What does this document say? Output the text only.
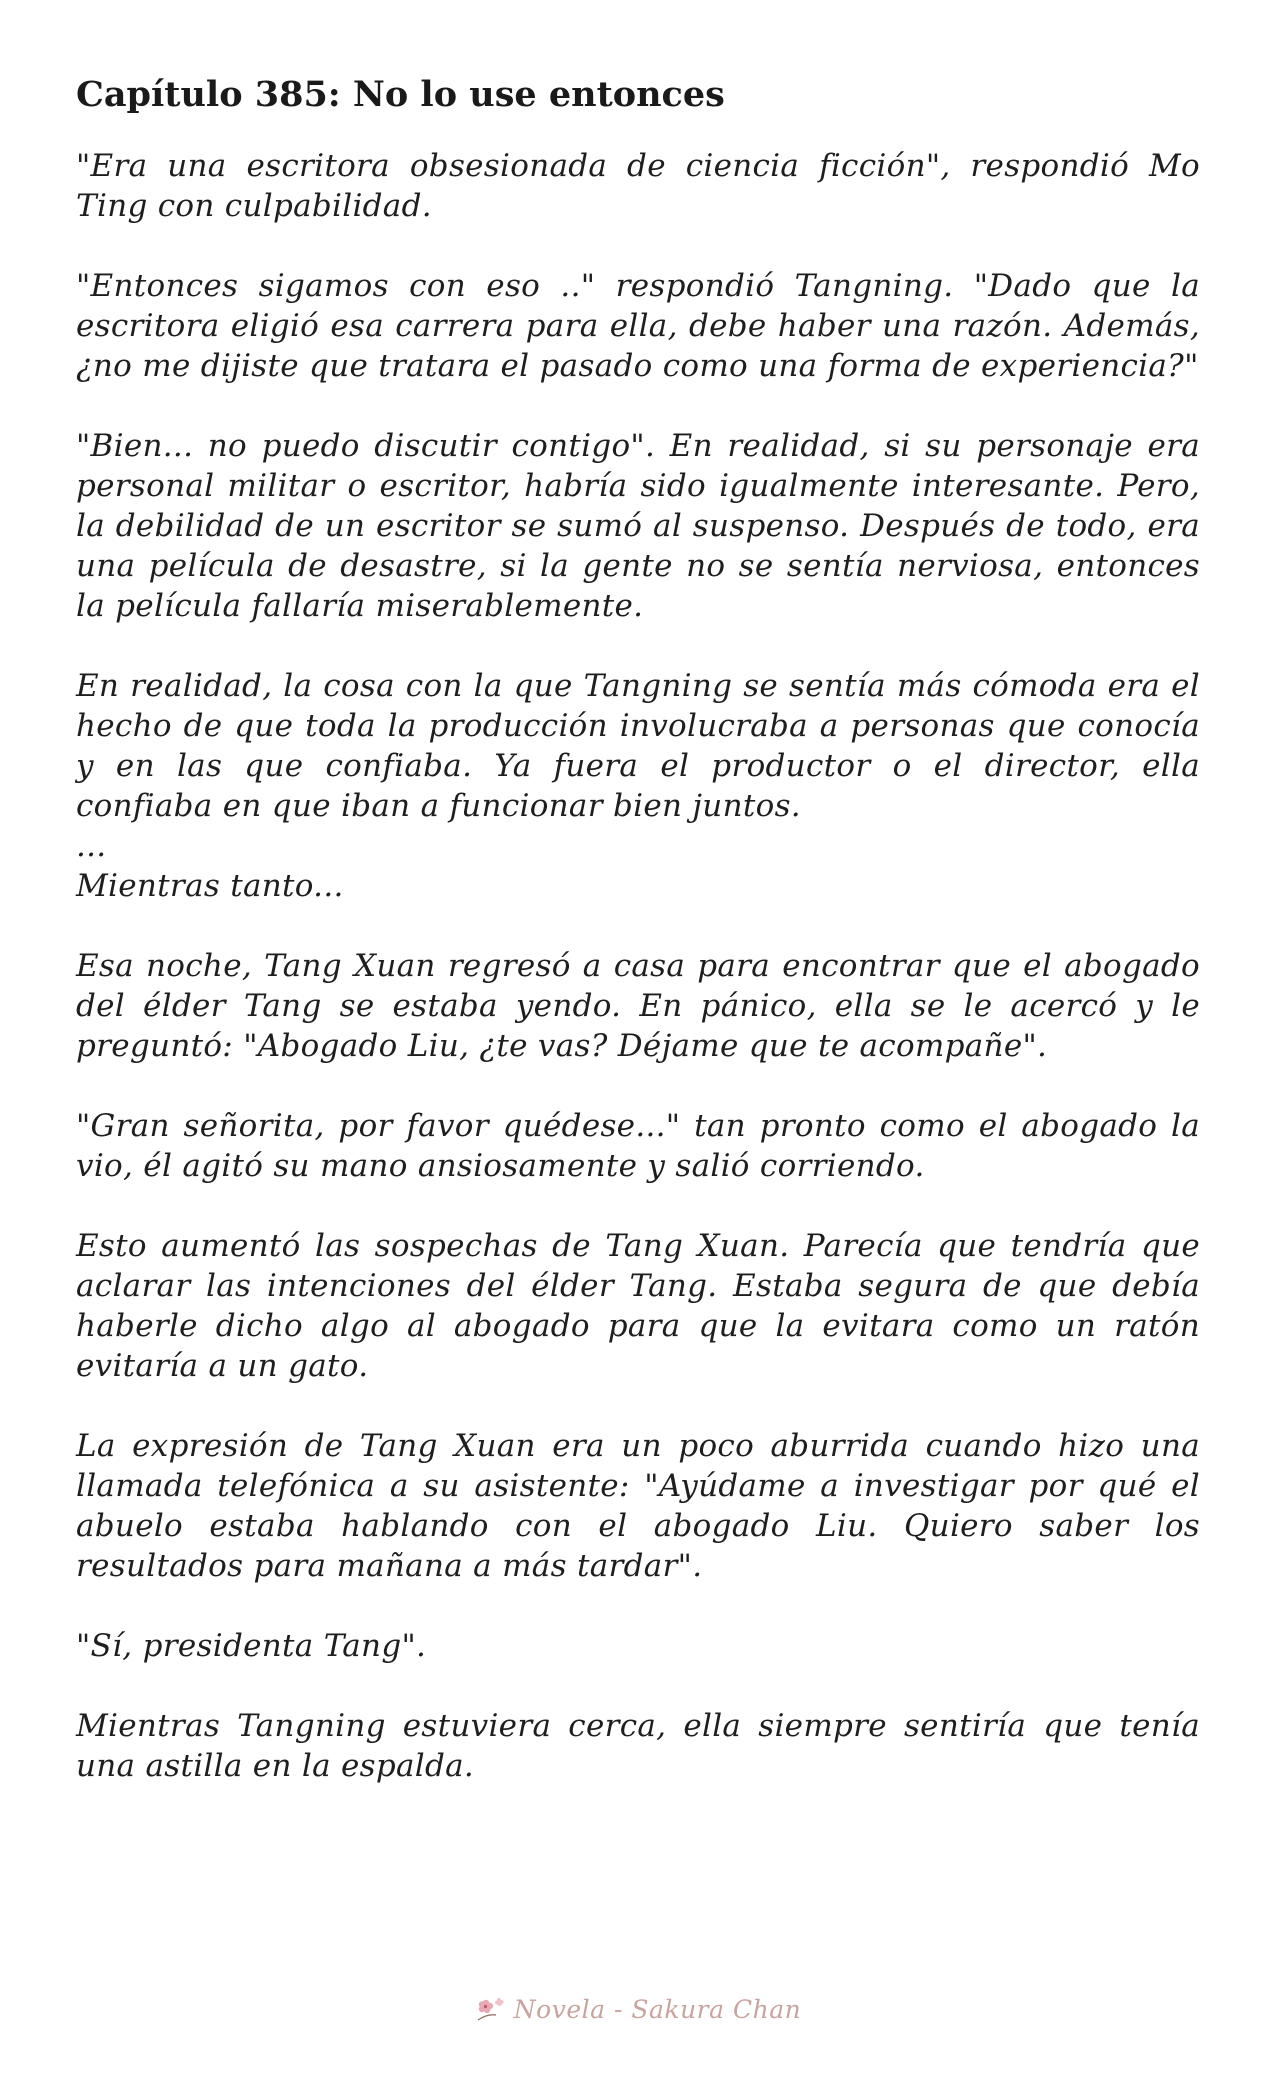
Capítulo 385: No lo use entonces

"Era una escritora obsesionada de ciencia ficción", respondió Mo Ting con culpabilidad.

"Entonces sigamos con eso .." respondió Tangning. "Dado que la escritora eligió esa carrera para ella, debe haber una razón. Además, ¿no me dijiste que tratara el pasado como una forma de experiencia?"

"Bien... no puedo discutir contigo". En realidad, si su personaje era personal militar o escritor, habría sido igualmente interesante. Pero, la debilidad de un escritor se sumó al suspenso. Después de todo, era una película de desastre, si la gente no se sentía nerviosa, entonces la película fallaría miserablemente.

En realidad, la cosa con la que Tangning se sentía más cómoda era el hecho de que toda la producción involucraba a personas que conocía y en las que confiaba. Ya fuera el productor o el director, ella confiaba en que iban a funcionar bien juntos.

...

Mientras tanto...

Esa noche, Tang Xuan regresó a casa para encontrar que el abogado del élder Tang se estaba yendo. En pánico, ella se le acercó y le preguntó: "Abogado Liu, ¿te vas? Déjame que te acompañe".

"Gran señorita, por favor quédese..." tan pronto como el abogado la vio, él agitó su mano ansiosamente y salió corriendo.

Esto aumentó las sospechas de Tang Xuan. Parecía que tendría que aclarar las intenciones del élder Tang. Estaba segura de que debía haberle dicho algo al abogado para que la evitara como un ratón evitaría a un gato.

La expresión de Tang Xuan era un poco aburrida cuando hizo una llamada telefónica a su asistente: "Ayúdame a investigar por qué el abuelo estaba hablando con el abogado Liu. Quiero saber los resultados para mañana a más tardar".

"Sí, presidenta Tang".

Mientras Tangning estuviera cerca, ella siempre sentiría que tenía una astilla en la espalda.

Novela - Sakura Chan
